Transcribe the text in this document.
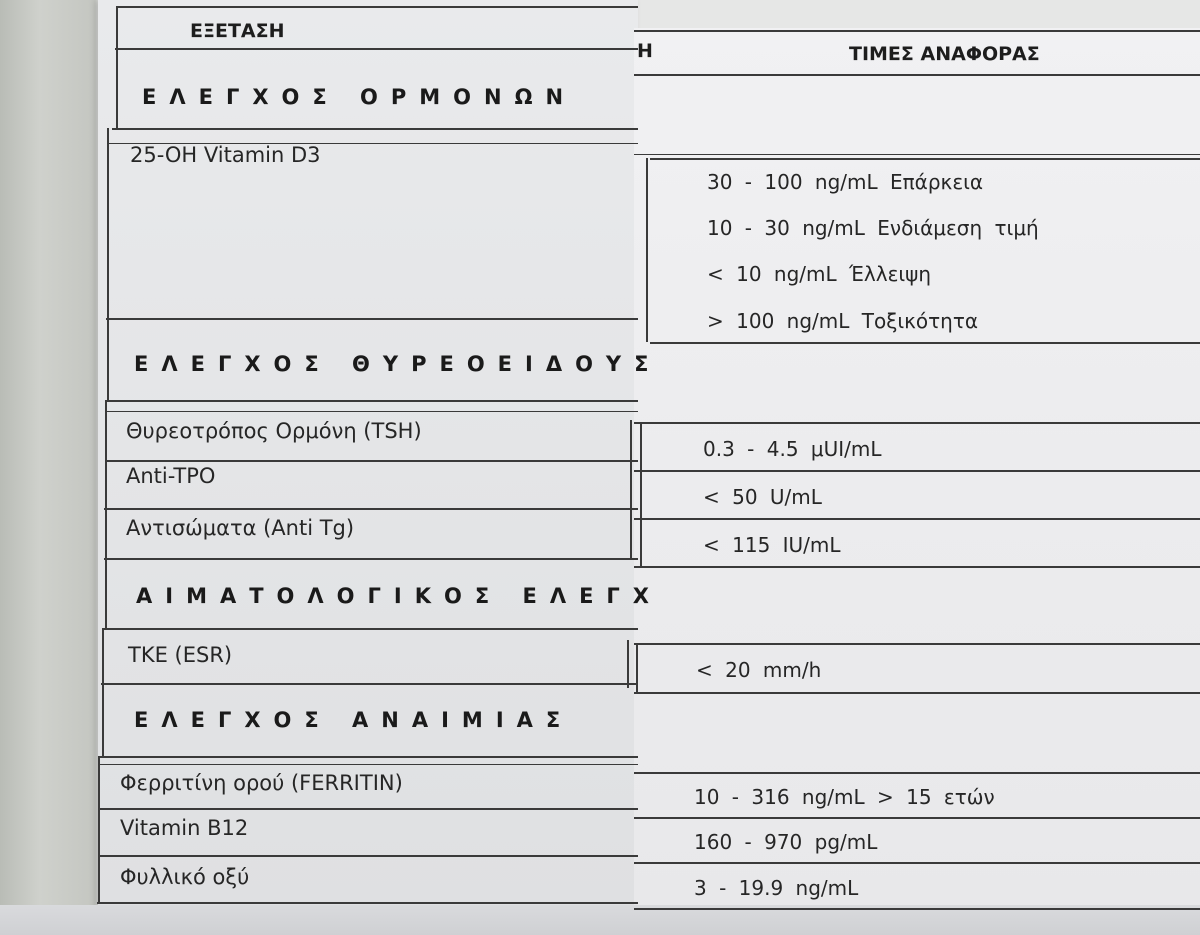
ΕΞΕΤΑΣΗ
Η	ΤΙΜΕΣ ΑΝΑΦΟΡΑΣ
ΕΛΕΓΧΟΣ ΟΡΜΟΝΩΝ
25-OH Vitamin D3
30 - 100 ng/mL Επάρκεια
10 - 30 ng/mL Ενδιάμεση τιμή
< 10 ng/mL Έλλειψη
> 100 ng/mL Τοξικότητα
ΕΛΕΓΧΟΣ ΘΥΡΕΟΕΙΔΟΥΣ
Θυρεοτρόπος Ορμόνη (TSH)
0.3 - 4.5 μUI/mL
Anti-TPO
< 50 U/mL
Αντισώματα (Anti Tg)
< 115 IU/mL
ΑΙΜΑΤΟΛΟΓΙΚΟΣ ΕΛΕΓΧ
TKE (ESR)
< 20 mm/h
ΕΛΕΓΧΟΣ ΑΝΑΙΜΙΑΣ
Φερριτίνη ορού (FERRITIN)
10 - 316 ng/mL > 15 ετών
Vitamin B12
160 - 970 pg/mL
Φυλλικό οξύ	3 - 19.9 ng/mL
